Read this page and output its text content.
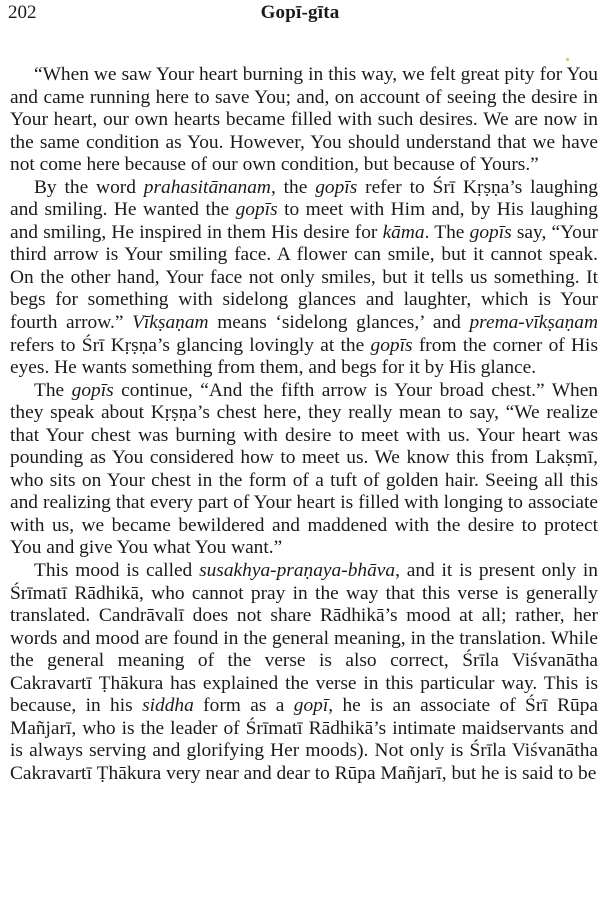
202	Gopī-gīta

“When we saw Your heart burning in this way, we felt great pity for You and came running here to save You; and, on account of seeing the desire in Your heart, our own hearts became filled with such desires. We are now in the same condition as You. However, You should understand that we have not come here because of our own condition, but because of Yours.”

By the word prahasitānanam, the gopīs refer to Śrī Kṛṣṇa’s laughing and smiling. He wanted the gopīs to meet with Him and, by His laughing and smiling, He inspired in them His desire for kāma. The gopīs say, “Your third arrow is Your smiling face. A flower can smile, but it cannot speak. On the other hand, Your face not only smiles, but it tells us something. It begs for something with sidelong glances and laughter, which is Your fourth arrow.” Vīkṣaṇam means ‘sidelong glances,’ and prema-vīkṣaṇam refers to Śrī Kṛṣṇa’s glancing lovingly at the gopīs from the corner of His eyes. He wants something from them, and begs for it by His glance.

The gopīs continue, “And the fifth arrow is Your broad chest.” When they speak about Kṛṣṇa’s chest here, they really mean to say, “We realize that Your chest was burning with desire to meet with us. Your heart was pounding as You considered how to meet us. We know this from Lakṣmī, who sits on Your chest in the form of a tuft of golden hair. Seeing all this and realizing that every part of Your heart is filled with longing to associate with us, we became bewildered and maddened with the desire to protect You and give You what You want.”

This mood is called susakhya-praṇaya-bhāva, and it is present only in Śrīmatī Rādhikā, who cannot pray in the way that this verse is generally translated. Candrāvalī does not share Rādhikā’s mood at all; rather, her words and mood are found in the general meaning, in the translation. While the general meaning of the verse is also correct, Śrīla Viśvanātha Cakravartī Ṭhākura has explained the verse in this particular way. This is because, in his siddha form as a gopī, he is an associate of Śrī Rūpa Mañjarī, who is the leader of Śrīmatī Rādhikā’s intimate maidservants and is always serving and glorifying Her moods). Not only is Śrīla Viśvanātha Cakravartī Ṭhākura very near and dear to Rūpa Mañjarī, but he is said to be
